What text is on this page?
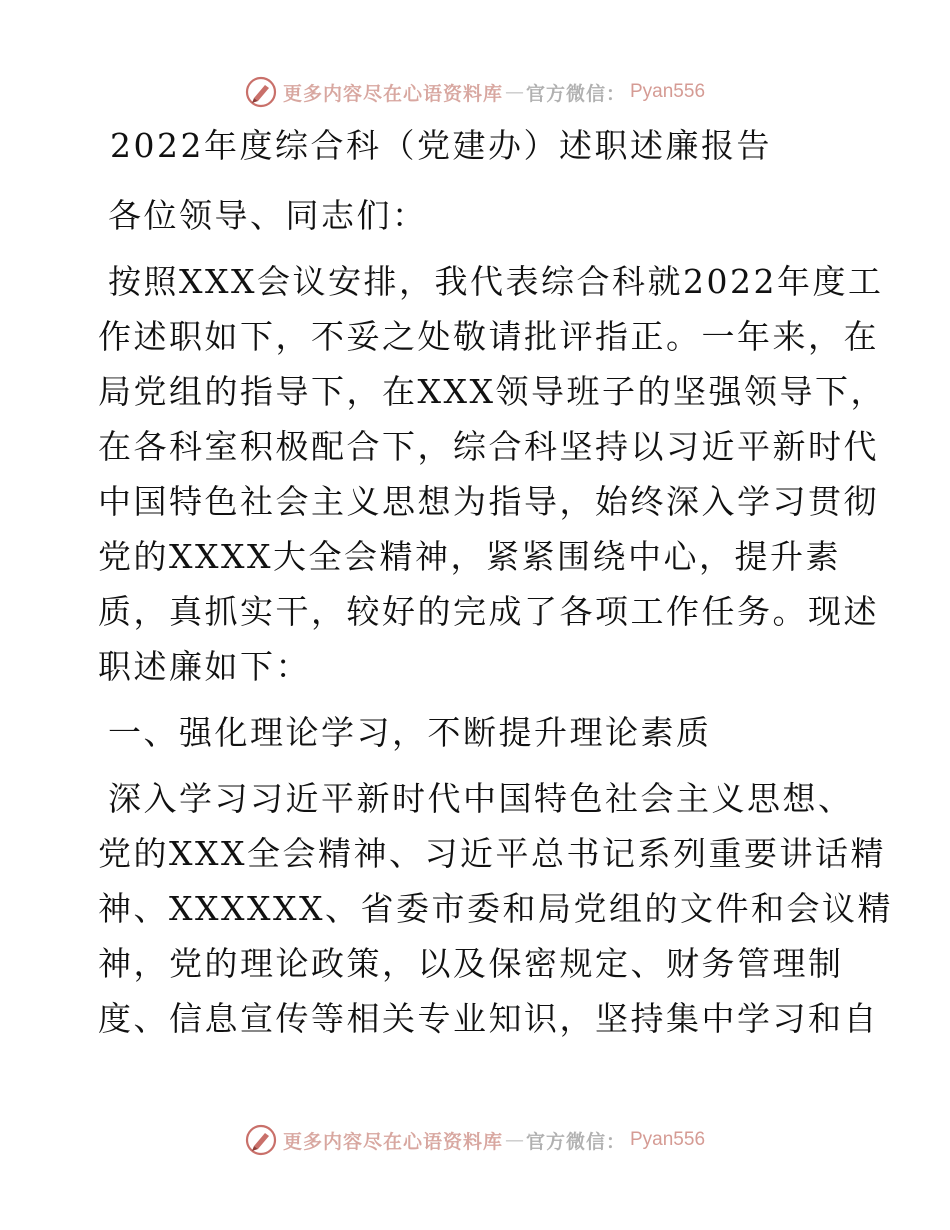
更多内容尽在心语资料库 — 官方微信： Pyan556
2022年度综合科（党建办）述职述廉报告
各位领导、同志们：
按照XXX会议安排，我代表综合科就2022年度工
作述职如下，不妥之处敬请批评指正。一年来，在
局党组的指导下，在XXX领导班子的坚强领导下，
在各科室积极配合下，综合科坚持以习近平新时代
中国特色社会主义思想为指导，始终深入学习贯彻
党的XXXX大全会精神，紧紧围绕中心，提升素
质，真抓实干，较好的完成了各项工作任务。现述
职述廉如下：
一、强化理论学习，不断提升理论素质
深入学习习近平新时代中国特色社会主义思想、
党的XXX全会精神、习近平总书记系列重要讲话精
神、XXXXXX、省委市委和局党组的文件和会议精
神，党的理论政策，以及保密规定、财务管理制
度、信息宣传等相关专业知识，坚持集中学习和自
更多内容尽在心语资料库 — 官方微信： Pyan556
